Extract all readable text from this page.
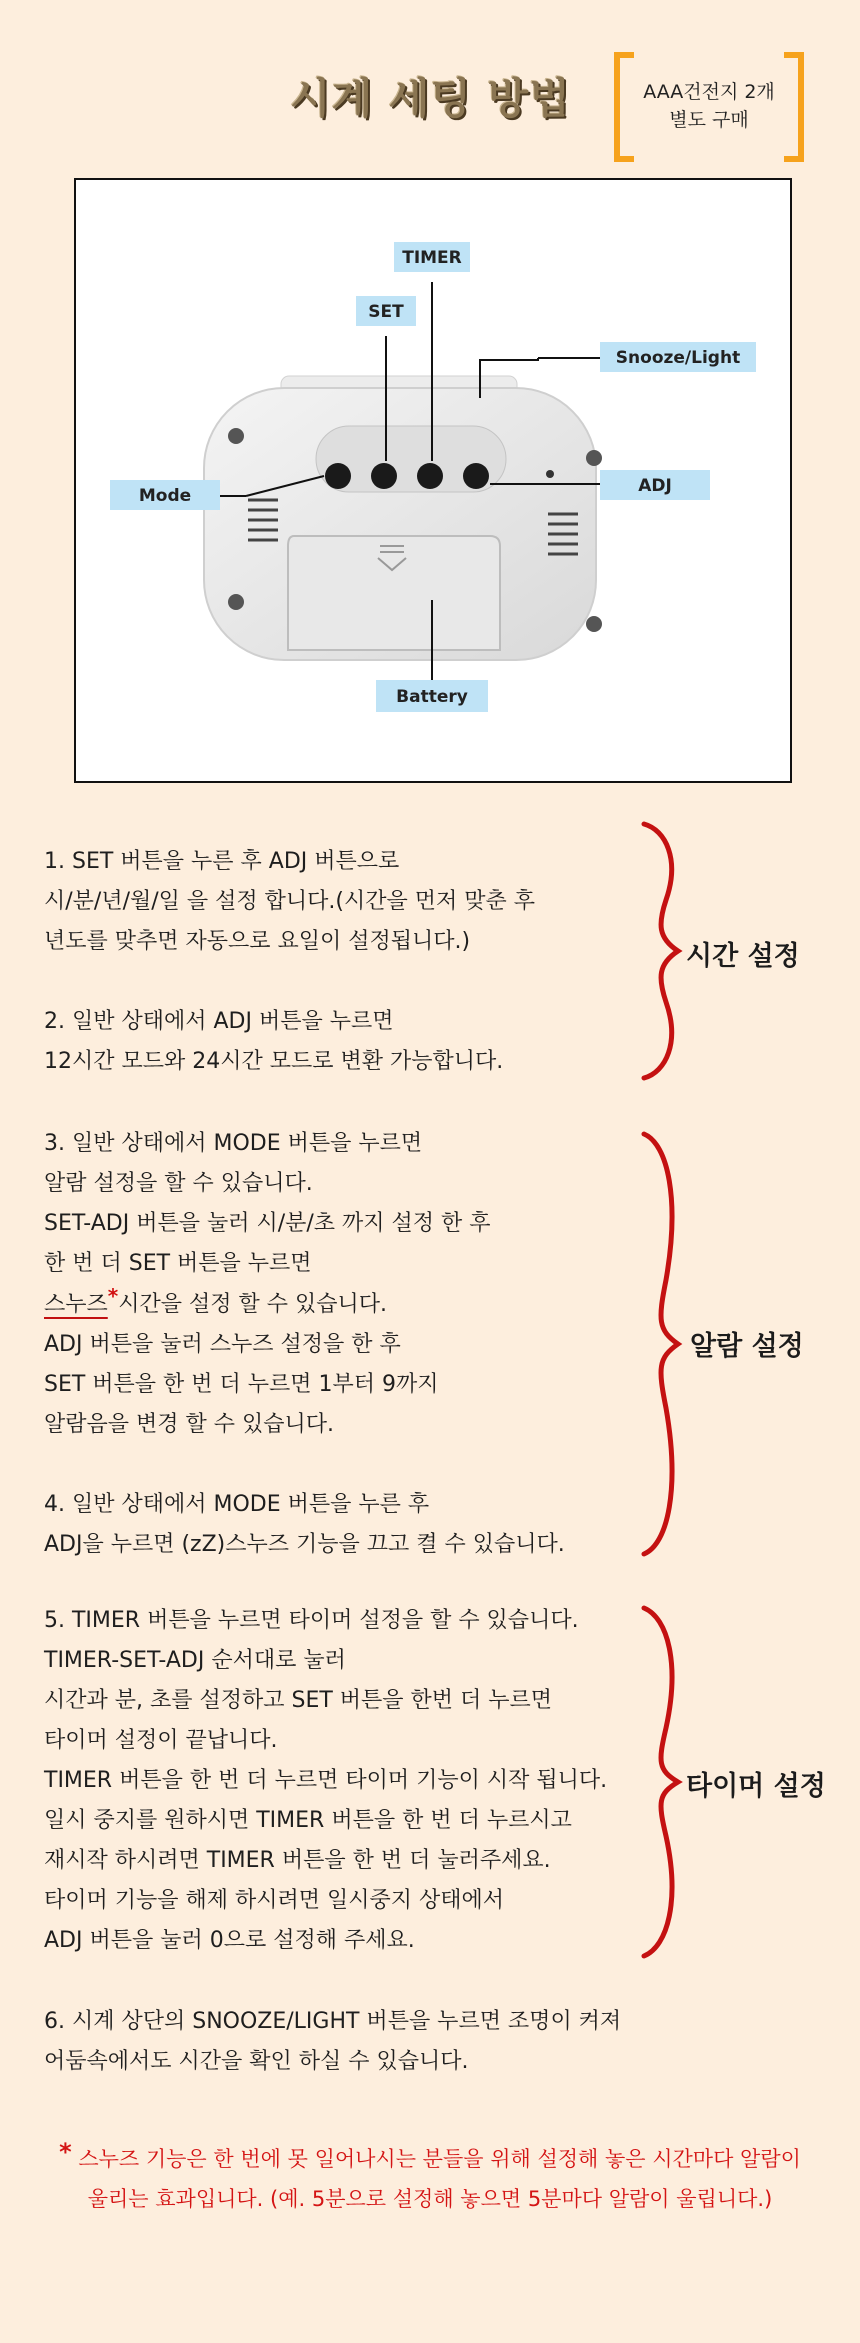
시계 세팅 방법	AAA건전지 2개
별도 구매
TIMER
SET
Snooze/Light
Mode	ADJ
Battery

1. SET 버튼을 누른 후 ADJ 버튼으로

시/분/년/월/일 을 설정 합니다.(시간을 먼저 맞춘 후

년도를 맞추면 자동으로 요일이 설정됩니다.)

2. 일반 상태에서 ADJ 버튼을 누르면

12시간 모드와 24시간 모드로 변환 가능합니다.

3. 일반 상태에서 MODE 버튼을 누르면

알람 설정을 할 수 있습니다.

SET-ADJ 버튼을 눌러 시/분/초 까지 설정 한 후

한 번 더 SET 버튼을 누르면

스누즈*시간을 설정 할 수 있습니다.

ADJ 버튼을 눌러 스누즈 설정을 한 후

SET 버튼을 한 번 더 누르면 1부터 9까지

알람음을 변경 할 수 있습니다.

4. 일반 상태에서 MODE 버튼을 누른 후

ADJ을 누르면 (zZ)스누즈 기능을 끄고 켤 수 있습니다.

5. TIMER 버튼을 누르면 타이머 설정을 할 수 있습니다.

TIMER-SET-ADJ 순서대로 눌러

시간과 분, 초를 설정하고 SET 버튼을 한번 더 누르면

타이머 설정이 끝납니다.

TIMER 버튼을 한 번 더 누르면 타이머 기능이 시작 됩니다.

일시 중지를 원하시면 TIMER 버튼을 한 번 더 누르시고

재시작 하시려면 TIMER 버튼을 한 번 더 눌러주세요.

타이머 기능을 해제 하시려면 일시중지 상태에서

ADJ 버튼을 눌러 0으로 설정해 주세요.

6. 시계 상단의 SNOOZE/LIGHT 버튼을 누르면 조명이 켜져

어둠속에서도 시간을 확인 하실 수 있습니다.

시간 설정
알람 설정
타이머 설정
* 스누즈 기능은 한 번에 못 일어나시는 분들을 위해 설정해 놓은 시간마다 알람이
울리는 효과입니다. (예. 5분으로 설정해 놓으면 5분마다 알람이 울립니다.)
